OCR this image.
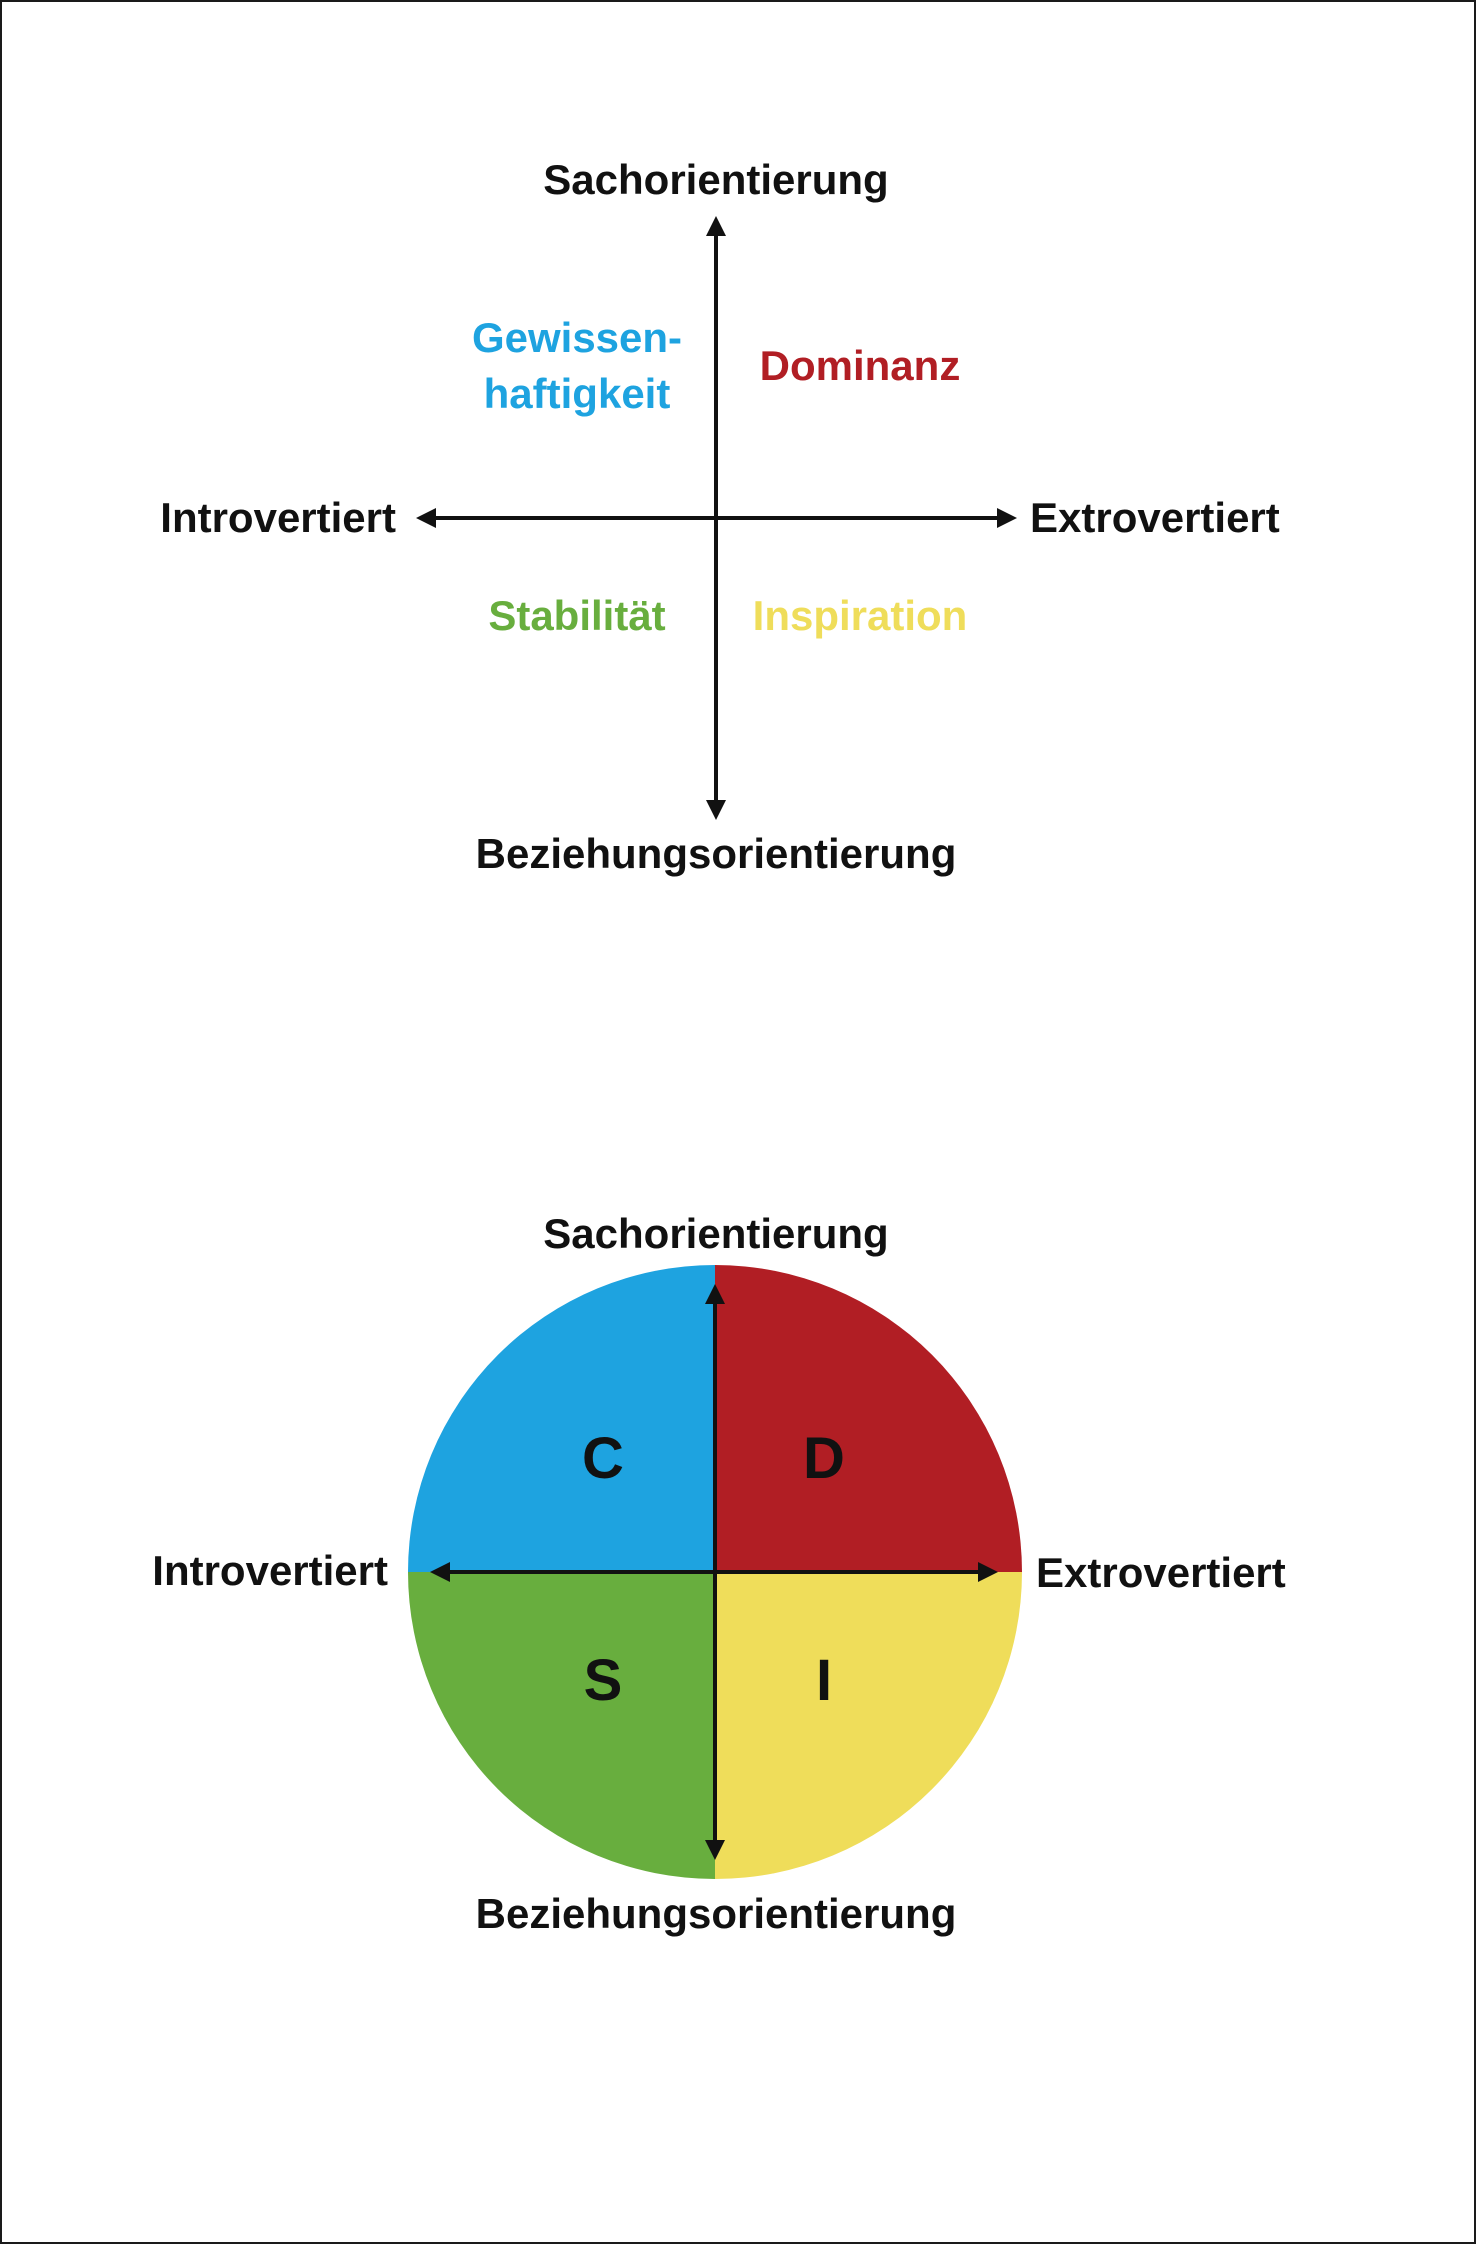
Sachorientierung
Beziehungsorientierung
Introvertiert	Extrovertiert
Gewissen-
haftigkeit
Dominanz
Stabilität Inspiration
C	D
S	I
Sachorientierung
Beziehungsorientierung
Introvertiert	Extrovertiert
